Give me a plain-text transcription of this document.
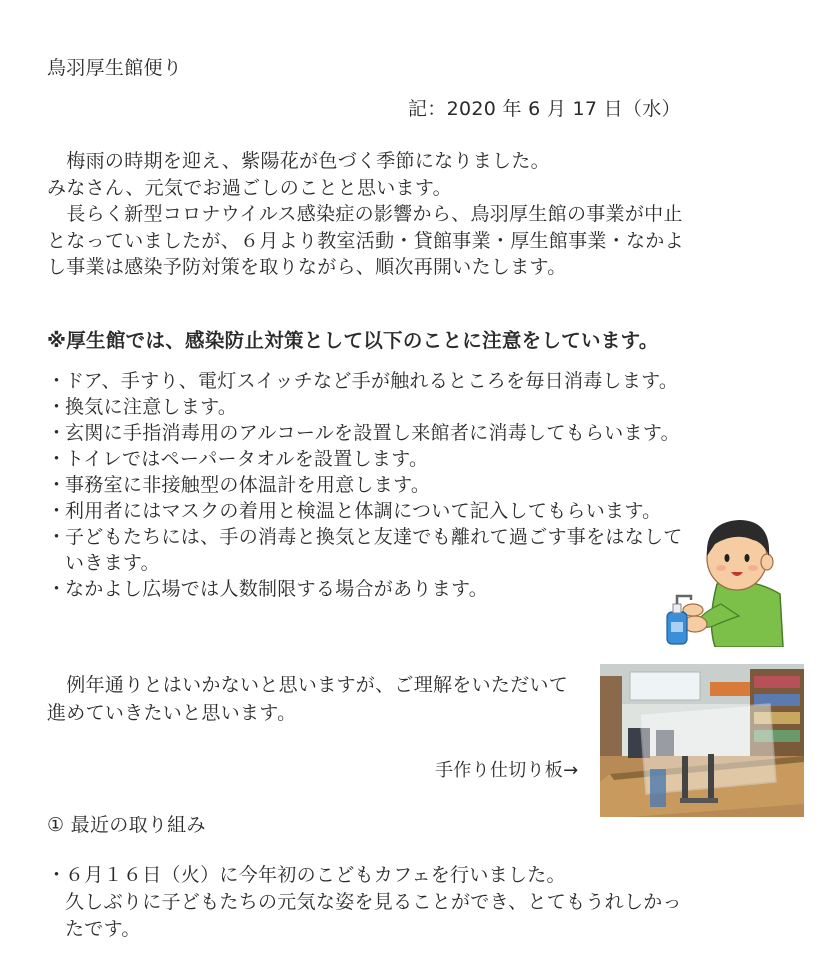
鳥羽厚生館便り
記：2020 年 6 月 17 日（水）
　梅雨の時期を迎え、紫陽花が色づく季節になりました。
みなさん、元気でお過ごしのことと思います。
　長らく新型コロナウイルス感染症の影響から、鳥羽厚生館の事業が中止
となっていましたが、６月より教室活動・貸館事業・厚生館事業・なかよ
し事業は感染予防対策を取りながら、順次再開いたします。
※厚生館では、感染防止対策として以下のことに注意をしています。
・ドア、手すり、電灯スイッチなど手が触れるところを毎日消毒します。
・換気に注意します。
・玄関に手指消毒用のアルコールを設置し来館者に消毒してもらいます。
・トイレではペーパータオルを設置します。
・事務室に非接触型の体温計を用意します。
・利用者にはマスクの着用と検温と体調について記入してもらいます。
・子どもたちには、手の消毒と換気と友達でも離れて過ごす事をはなして
いきます。
・なかよし広場では人数制限する場合があります。
　例年通りとはいかないと思いますが、ご理解をいただいて
進めていきたいと思います。
手作り仕切り板→
① 最近の取り組み
・６月１６日（火）に今年初のこどもカフェを行いました。
久しぶりに子どもたちの元気な姿を見ることができ、とてもうれしかっ
たです。
